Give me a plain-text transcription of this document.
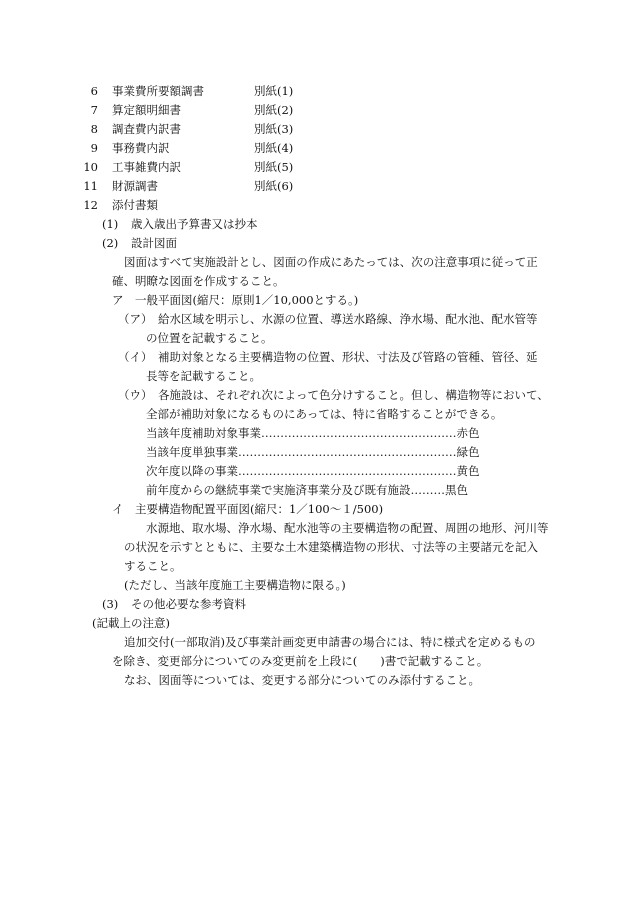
6 事業費所要額調書	別紙(1)
7 算定額明細書	別紙(2)
8 調査費内訳書	別紙(3)
9 事務費内訳	別紙(4)
10 工事雑費内訳	別紙(5)
11 財源調書	別紙(6)
12 添付書類
(1) 歳入歳出予算書又は抄本
(2) 設計図面
図面はすべて実施設計とし、図面の作成にあたっては、次の注意事項に従って正
確、明瞭な図面を作成すること。
ア 一般平面図(縮尺：原則1／10,000とする。)
（ア） 給水区域を明示し、水源の位置、導送水路線、浄水場、配水池、配水管等
の位置を記載すること。
（イ） 補助対象となる主要構造物の位置、形状、寸法及び管路の管種、管径、延
長等を記載すること。
（ウ） 各施設は、それぞれ次によって色分けすること。但し、構造物等において、
全部が補助対象になるものにあっては、特に省略することができる。
当該年度補助対象事業……………………………………………赤色
当該年度単独事業…………………………………………………緑色
次年度以降の事業…………………………………………………黄色
前年度からの継続事業で実施済事業分及び既有施設………黒色
イ 主要構造物配置平面図(縮尺：1／100～１/500)
水源地、取水場、浄水場、配水池等の主要構造物の配置、周囲の地形、河川等
の状況を示すとともに、主要な土木建築構造物の形状、寸法等の主要諸元を記入
すること。
(ただし、当該年度施工主要構造物に限る。)
(3) その他必要な参考資料
(記載上の注意)
追加交付(一部取消)及び事業計画変更申請書の場合には、特に様式を定めるもの
を除き、変更部分についてのみ変更前を上段に(　　)書で記載すること。
なお、図面等については、変更する部分についてのみ添付すること。
